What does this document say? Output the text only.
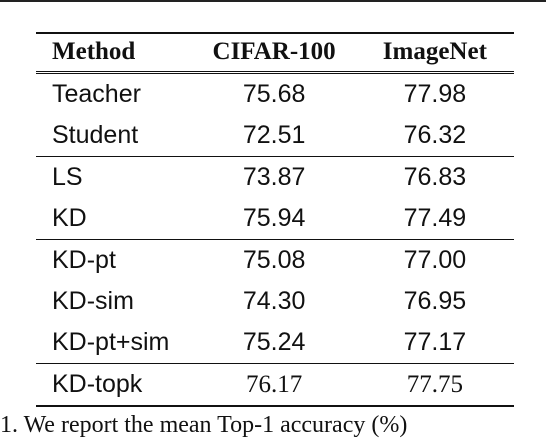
Method	CIFAR-100	ImageNet
Teacher	75.68	77.98
Student	72.51	76.32
LS	73.87	76.83
KD	75.94	77.49
KD-pt	75.08	77.00
KD-sim	74.30	76.95
KD-pt+sim	75.24	77.17
KD-topk	76.17	77.75
1. We report the mean Top-1 accuracy (%)
